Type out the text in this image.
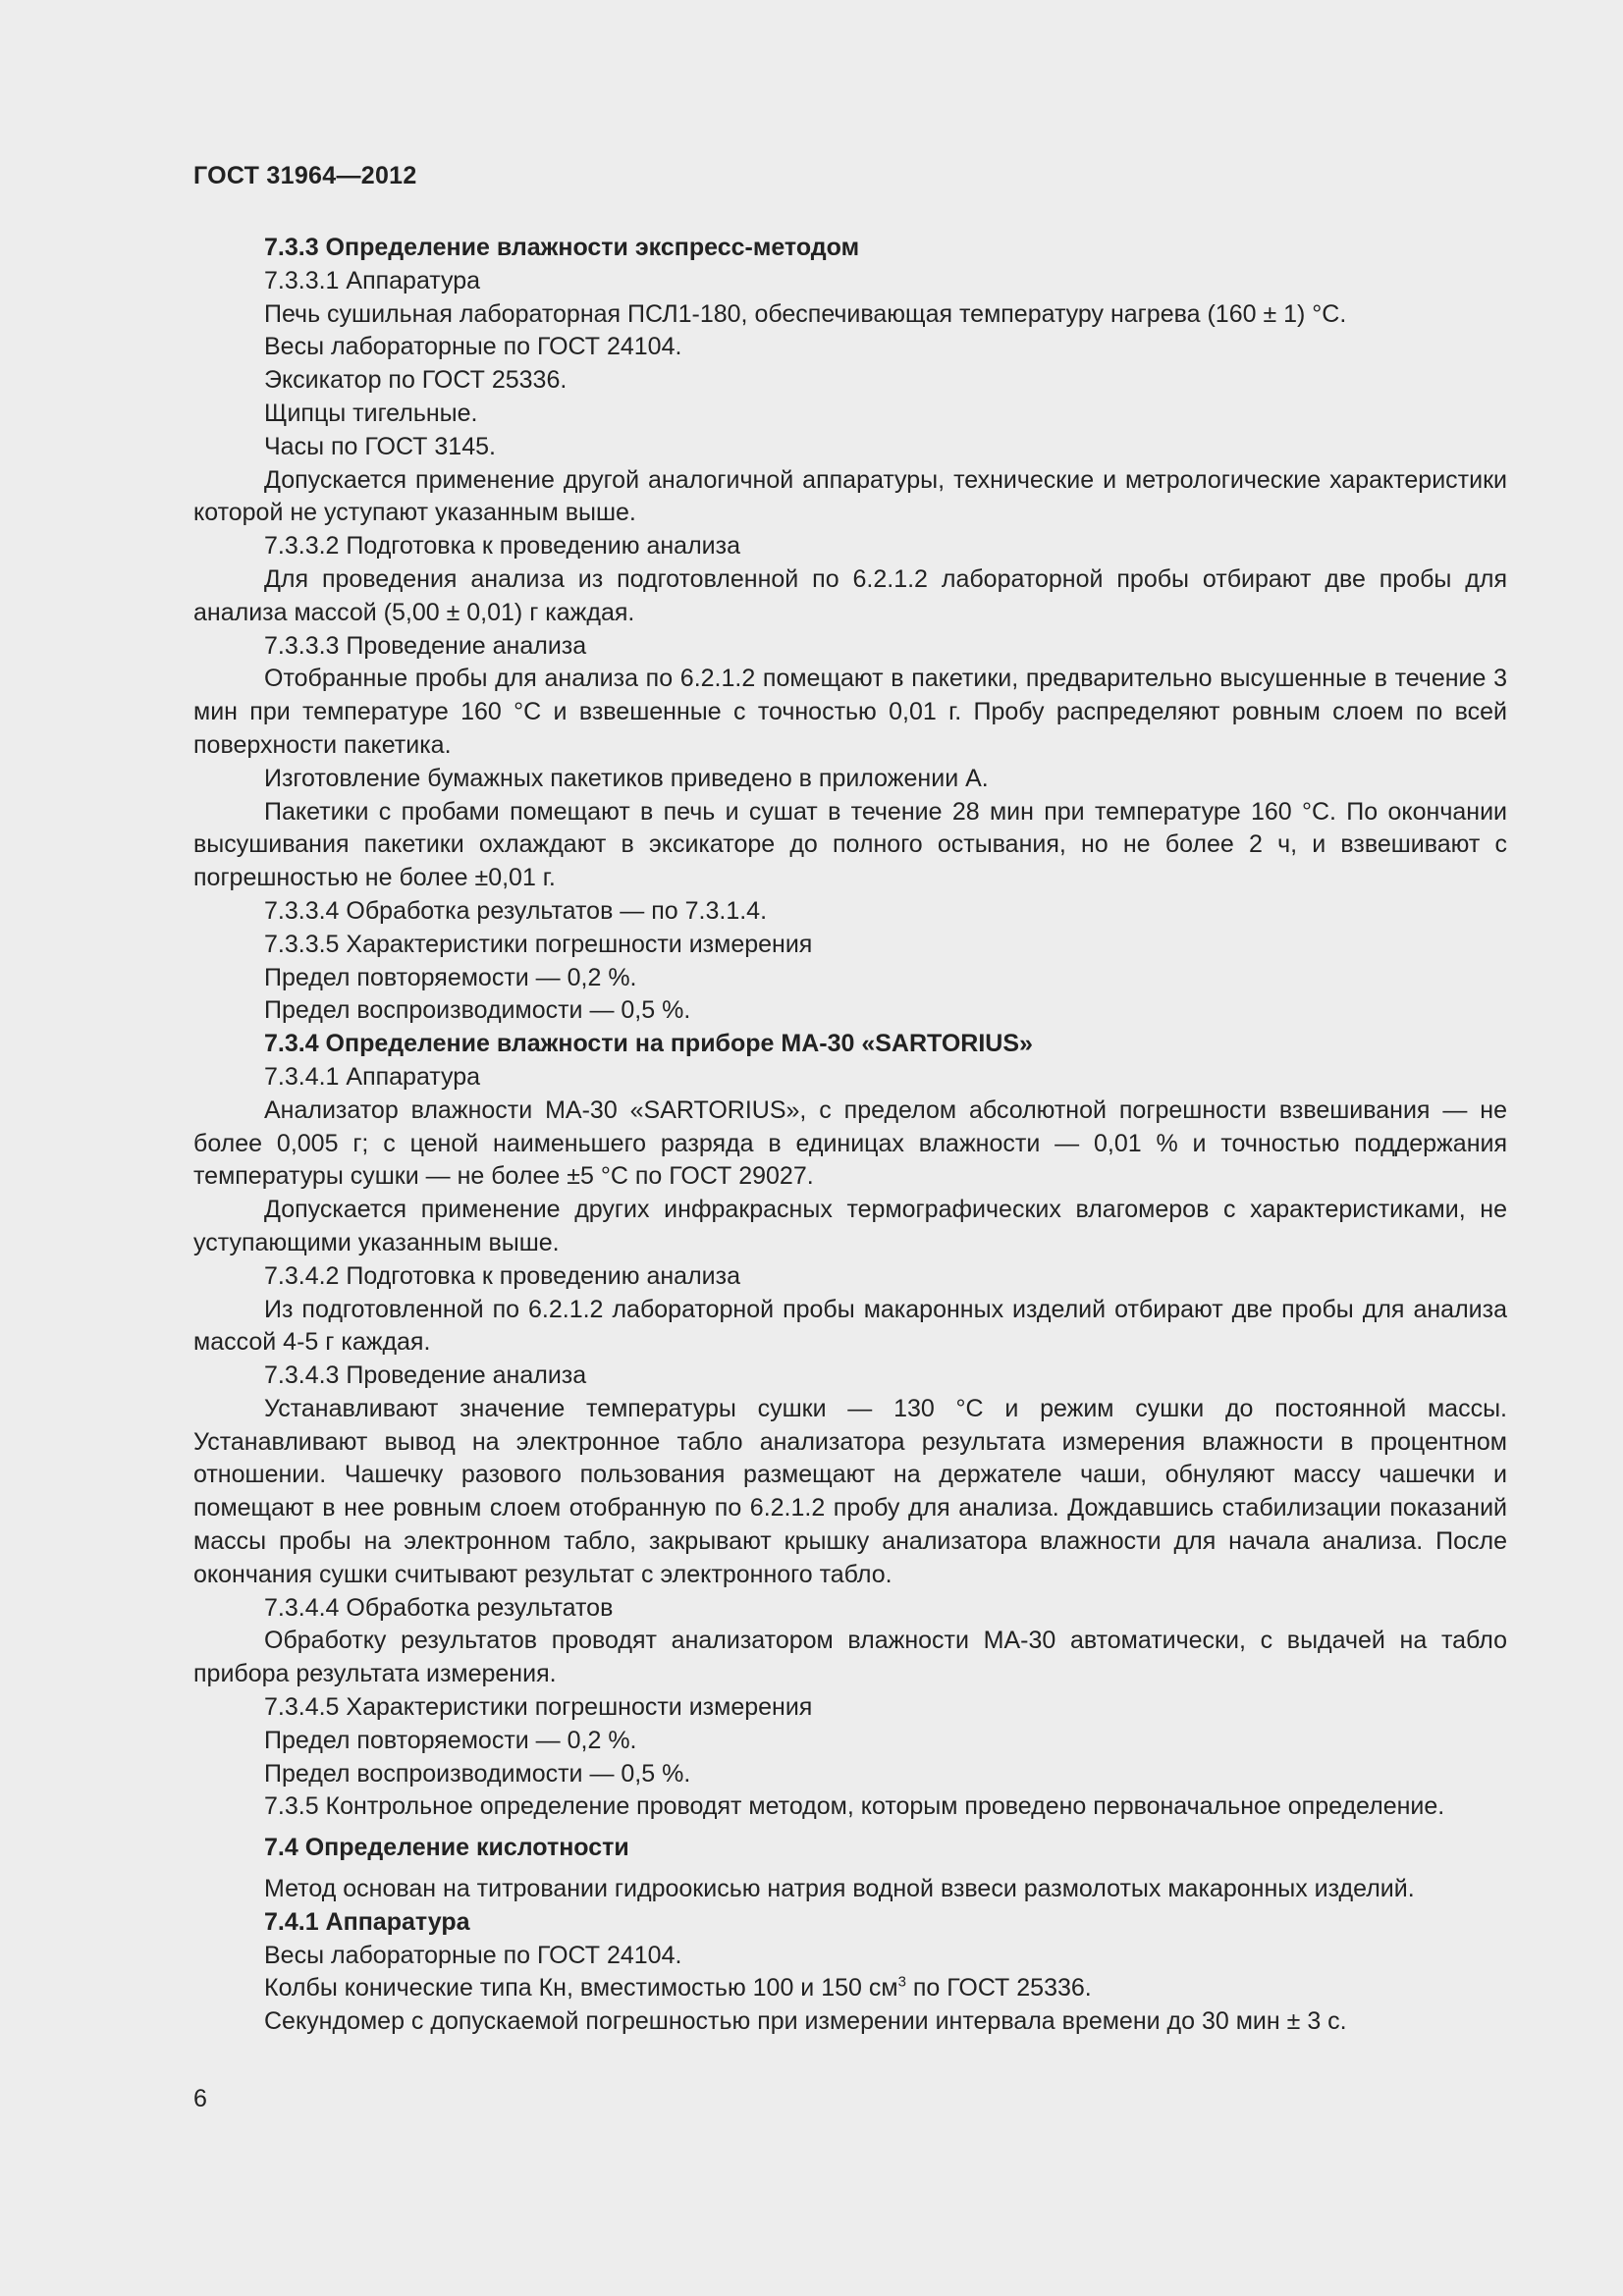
ГОСТ 31964—2012

7.3.3 Определение влажности экспресс-методом

7.3.3.1 Аппаратура

Печь сушильная лабораторная ПСЛ1-180, обеспечивающая температуру нагрева (160 ± 1) °С.

Весы лабораторные по ГОСТ 24104.

Эксикатор по ГОСТ 25336.

Щипцы тигельные.

Часы по ГОСТ 3145.

Допускается применение другой аналогичной аппаратуры, технические и метрологические характеристики которой не уступают указанным выше.

7.3.3.2 Подготовка к проведению анализа

Для проведения анализа из подготовленной по 6.2.1.2 лабораторной пробы отбирают две пробы для анализа массой (5,00 ± 0,01) г каждая.

7.3.3.3 Проведение анализа

Отобранные пробы для анализа по 6.2.1.2 помещают в пакетики, предварительно высушенные в течение 3 мин при температуре 160 °С и взвешенные с точностью 0,01 г. Пробу распределяют ровным слоем по всей поверхности пакетика.

Изготовление бумажных пакетиков приведено в приложении А.

Пакетики с пробами помещают в печь и сушат в течение 28 мин при температуре 160 °С. По окончании высушивания пакетики охлаждают в эксикаторе до полного остывания, но не более 2 ч, и взвешивают с погрешностью не более ±0,01 г.

7.3.3.4 Обработка результатов — по 7.3.1.4.

7.3.3.5 Характеристики погрешности измерения

Предел повторяемости — 0,2 %.

Предел воспроизводимости — 0,5 %.

7.3.4 Определение влажности на приборе МА-30 «SARTORIUS»

7.3.4.1 Аппаратура

Анализатор влажности МА-30 «SARTORIUS», с пределом абсолютной погрешности взвешивания — не более 0,005 г; с ценой наименьшего разряда в единицах влажности — 0,01 % и точностью поддержания температуры сушки — не более ±5 °С по ГОСТ 29027.

Допускается применение других инфракрасных термографических влагомеров с характеристиками, не уступающими указанным выше.

7.3.4.2 Подготовка к проведению анализа

Из подготовленной по 6.2.1.2 лабораторной пробы макаронных изделий отбирают две пробы для анализа массой 4-5 г каждая.

7.3.4.3 Проведение анализа

Устанавливают значение температуры сушки — 130 °С и режим сушки до постоянной массы. Устанавливают вывод на электронное табло анализатора результата измерения влажности в процентном отношении. Чашечку разового пользования размещают на держателе чаши, обнуляют массу чашечки и помещают в нее ровным слоем отобранную по 6.2.1.2 пробу для анализа. Дождавшись стабилизации показаний массы пробы на электронном табло, закрывают крышку анализатора влажности для начала анализа. После окончания сушки считывают результат с электронного табло.

7.3.4.4 Обработка результатов

Обработку результатов проводят анализатором влажности МА-30 автоматически, с выдачей на табло прибора результата измерения.

7.3.4.5 Характеристики погрешности измерения

Предел повторяемости — 0,2 %.

Предел воспроизводимости — 0,5 %.

7.3.5 Контрольное определение проводят методом, которым проведено первоначальное определение.

7.4 Определение кислотности

Метод основан на титровании гидроокисью натрия водной взвеси размолотых макаронных изделий.

7.4.1 Аппаратура

Весы лабораторные по ГОСТ 24104.

Колбы конические типа Кн, вместимостью 100 и 150 $см^3$ по ГОСТ 25336.

Секундомер с допускаемой погрешностью при измерении интервала времени до 30 мин ± 3 с.

6
